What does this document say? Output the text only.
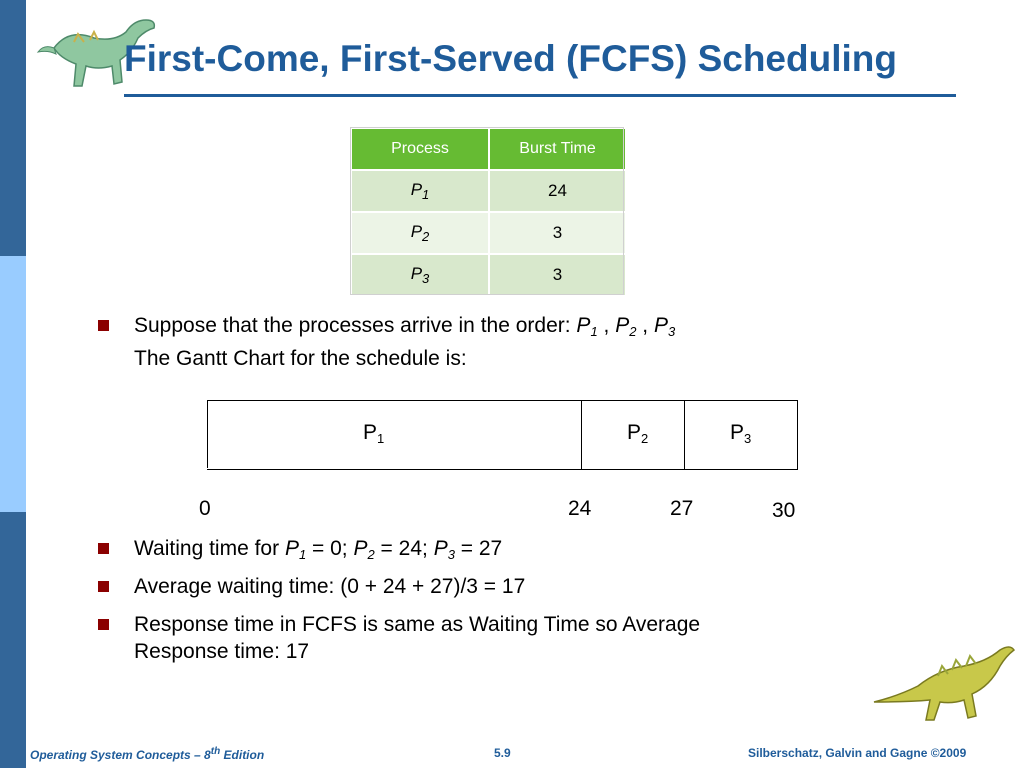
First-Come, First-Served (FCFS) Scheduling
Process	Burst Time
$P_1$	24
$P_2$	3
$P_3$	3
Suppose that the processes arrive in the order: $P_1$ , $P_2$ , $P_3$
The Gantt Chart for the schedule is:
$P_1$	$P_2$	$P_3$
0	24	27	30
Waiting time for $P_1 = 0$; $P_2 = 24$; $P_3 = 27$
Average waiting time: (0 + 24 + 27)/3 = 17
Response time in FCFS is same as Waiting Time so Average
Response time: 17
Operating System Concepts – 8th Edition	5.9	Silberschatz, Galvin and Gagne ©2009
